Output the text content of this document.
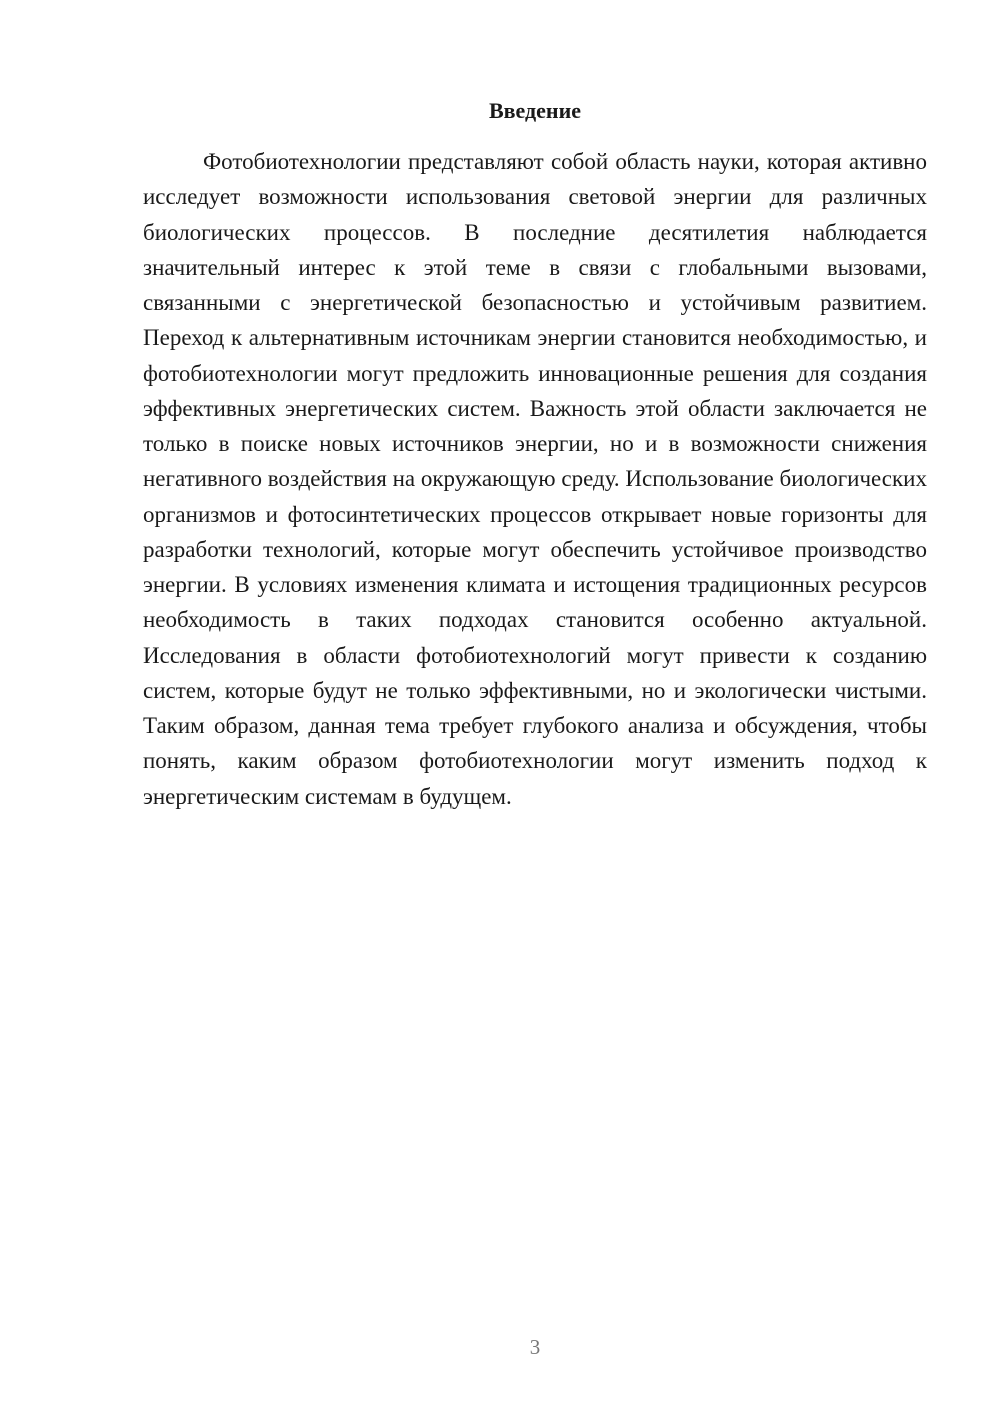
Введение

Фотобиотехнологии представляют собой область науки, которая активно исследует возможности использования световой энергии для различных биологических процессов. В последние десятилетия наблюдается значительный интерес к этой теме в связи с глобальными вызовами, связанными с энергетической безопасностью и устойчивым развитием. Переход к альтернативным источникам энергии становится необходимостью, и фотобиотехнологии могут предложить инновационные решения для создания эффективных энергетических систем. Важность этой области заключается не только в поиске новых источников энергии, но и в возможности снижения негативного воздействия на окружающую среду. Использование биологических организмов и фотосинтетических процессов открывает новые горизонты для разработки технологий, которые могут обеспечить устойчивое производство энергии. В условиях изменения климата и истощения традиционных ресурсов необходимость в таких подходах становится особенно актуальной. Исследования в области фотобиотехнологий могут привести к созданию систем, которые будут не только эффективными, но и экологически чистыми. Таким образом, данная тема требует глубокого анализа и обсуждения, чтобы понять, каким образом фотобиотехнологии могут изменить подход к энергетическим системам в будущем.

3
